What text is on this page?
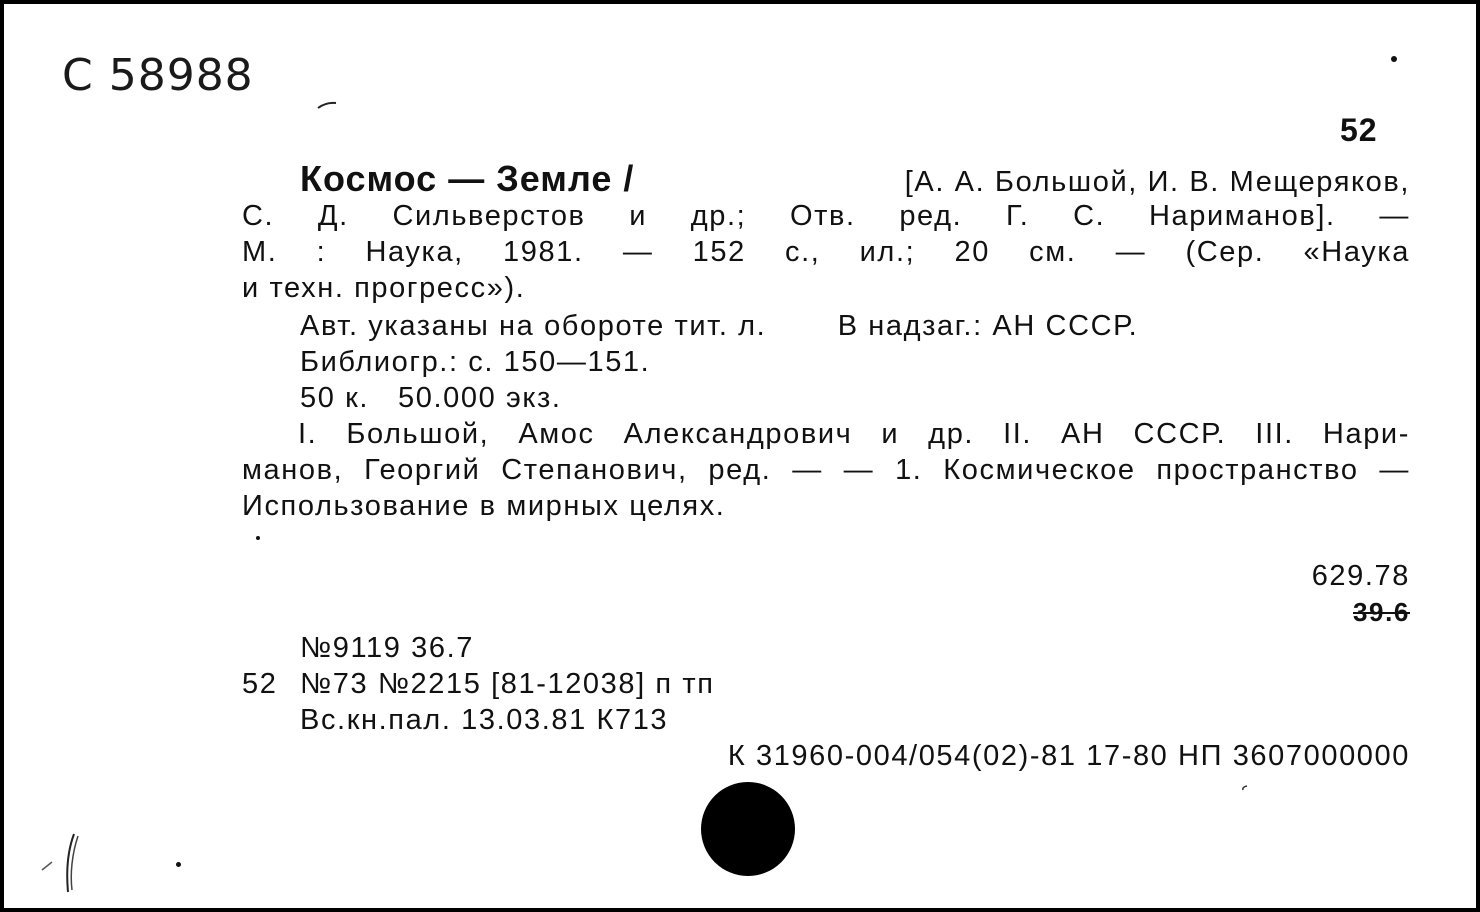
С 58988
52
Космос — Земле /	[А. А. Большой, И. В. Мещеряков,
С. Д. Сильверстов и др.; Отв. ред. Г. С. Нариманов]. —
М. : Наука, 1981. — 152 с., ил.; 20 см. — (Сер. «Наука
и техн. прогресс»).
Авт. указаны на обороте тит. л. В надзаг.: АН СССР.
Библиогр.: с. 150—151.
50 к.   50.000 экз.
I. Большой, Амос Александрович и др. II. АН СССР. III. Нари-
манов, Георгий Степанович, ред. — — 1. Космическое пространство —
Использование в мирных целях.
629.78
39.6
№9119 36.7
52 №73 №2215 [81-12038] п тп
Вс.кн.пал. 13.03.81 К713
К 31960-004/054(02)-81 17-80 НП 3607000000
